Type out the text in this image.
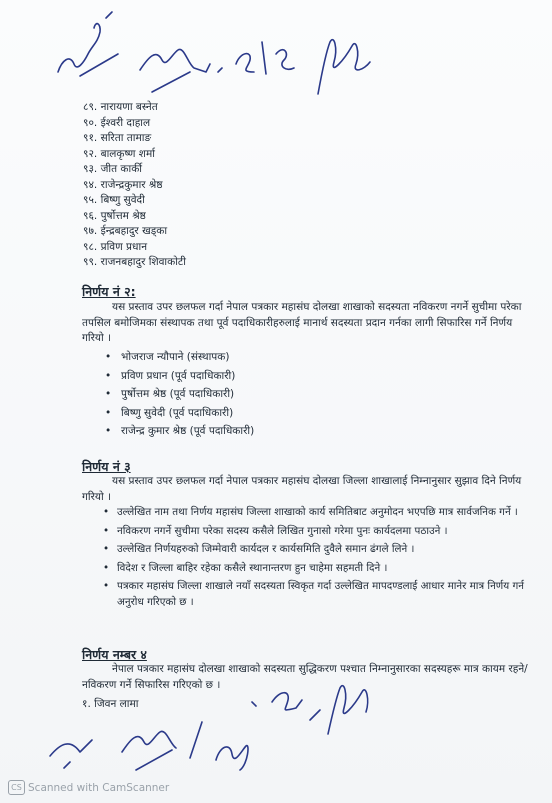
८९. नारायणा बस्नेत
९०. ईश्वरी दाहाल
९१. सरिता तामाङ
९२. बालकृष्ण शर्मा
९३. जीत कार्की
९४. राजेन्द्रकुमार श्रेष्ठ
९५. बिष्णु सुवेदी
९६. पुर्षोत्तम श्रेष्ठ
९७. ईन्द्रबहादुर खड्का
९८. प्रविण प्रधान
९९. राजनबहादुर शिवाकोटी
निर्णय नं २:
यस प्रस्ताव उपर छलफल गर्दा नेपाल पत्रकार महासंघ दोलखा शाखाको सदस्यता नविकरण नगर्ने सुचीमा परेका तपसिल बमोजिमका संस्थापक तथा पूर्व पदाधिकारीहरुलाई मानार्थ सदस्यता प्रदान गर्नका लागी सिफारिस गर्ने निर्णय गरियो ।
• भोजराज न्यौपाने (संस्थापक)
• प्रविण प्रधान (पूर्व पदाधिकारी)
• पुर्षोत्तम श्रेष्ठ (पूर्व पदाधिकारी)
• बिष्णु सुवेदी (पूर्व पदाधिकारी)
• राजेन्द्र कुमार श्रेष्ठ (पूर्व पदाधिकारी)
निर्णय नं ३
यस प्रस्ताव उपर छलफल गर्दा नेपाल पत्रकार महासंघ दोलखा जिल्ला शाखालाई निम्नानुसार सुझाव दिने निर्णय गरियो ।
• उल्लेखित नाम तथा निर्णय महासंघ जिल्ला शाखाको कार्य समितिबाट अनुमोदन भएपछि मात्र सार्वजनिक गर्ने ।
• नविकरण नगर्ने सुचीमा परेका सदस्य कसैले लिखित गुनासो गरेमा पुनः कार्यदलमा पठाउने ।
• उल्लेखित निर्णयहरुको जिम्मेवारी कार्यदल र कार्यसमिति दुवैले समान ढंगले लिने ।
• विदेश र जिल्ला बाहिर रहेका कसैले स्थानान्तरण हुन चाहेमा सहमती दिने ।
• पत्रकार महासंघ जिल्ला शाखाले नयाँ सदस्यता स्विकृत गर्दा उल्लेखित मापदण्डलाई आधार मानेर मात्र निर्णय गर्न अनुरोध गरिएको छ ।
निर्णय नम्बर ४
नेपाल पत्रकार महासंघ दोलखा शाखाको सदस्यता सुद्धिकरण पश्चात निम्नानुसारका सदस्यहरू मात्र कायम रहने/नविकरण गर्ने सिफारिस गरिएको छ ।
१. जिवन लामा
CS Scanned with CamScanner
